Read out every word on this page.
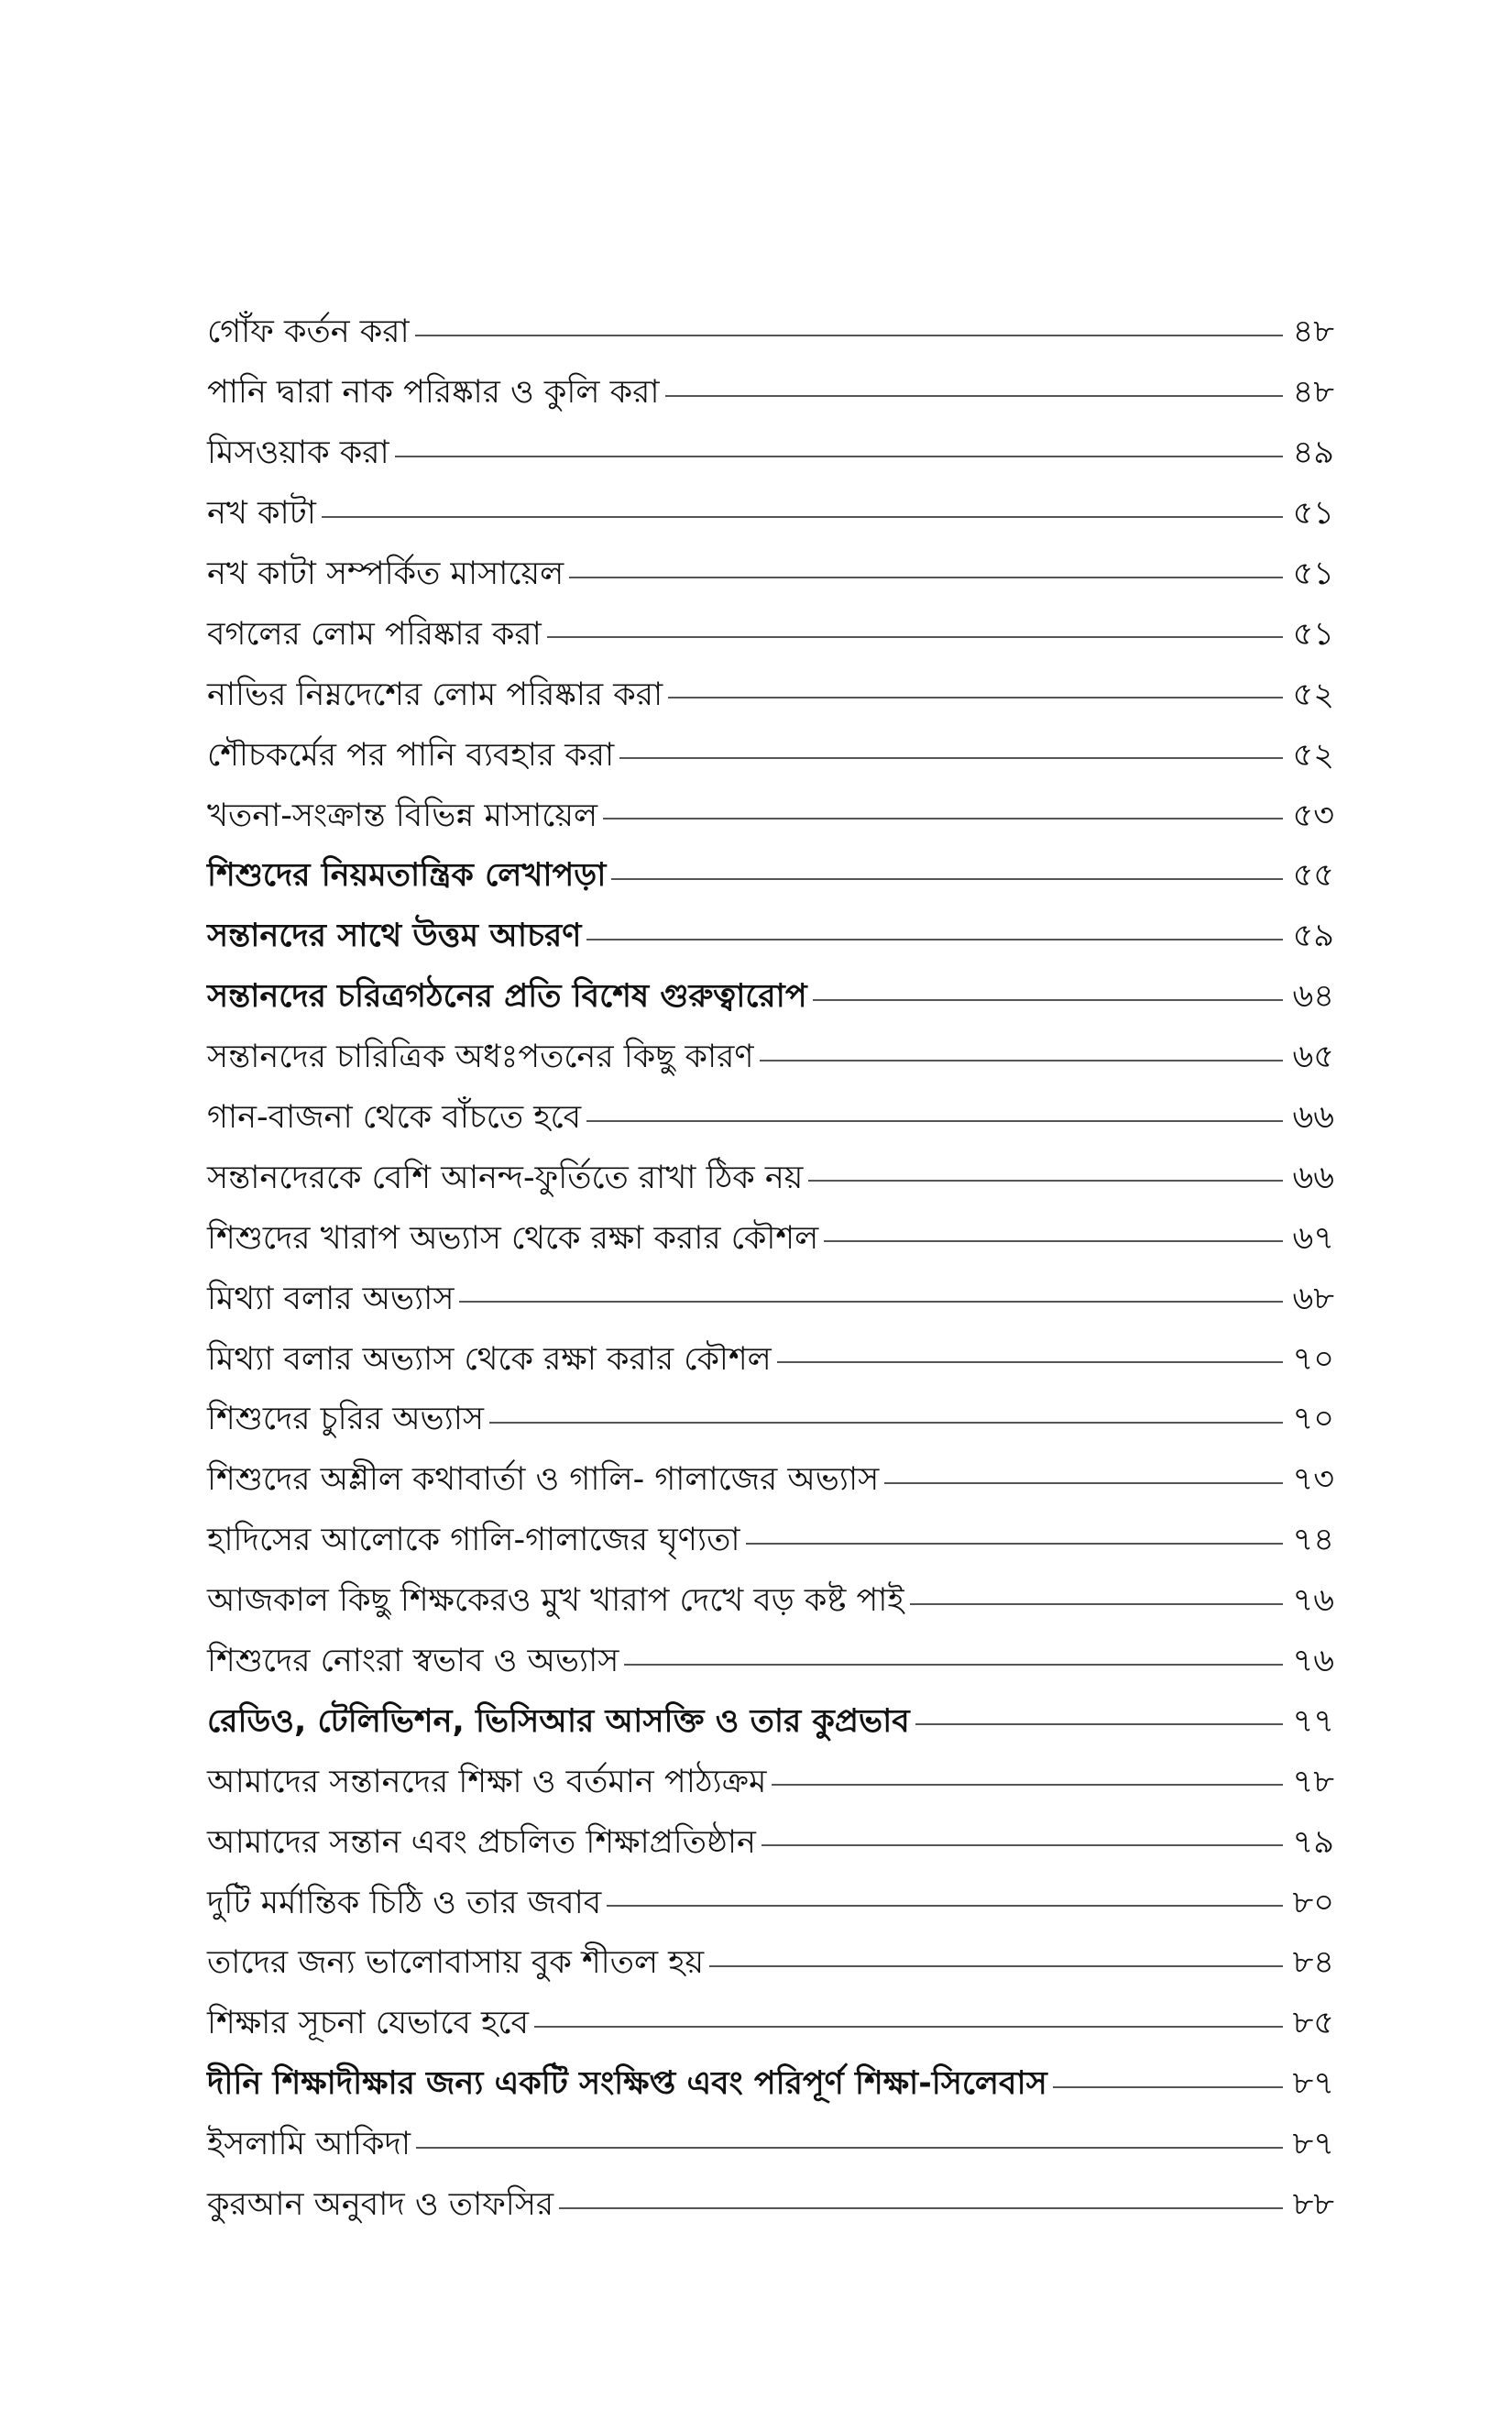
গোঁফ কর্তন করা	৪৮
পানি দ্বারা নাক পরিষ্কার ও কুলি করা	৪৮
মিসওয়াক করা	৪৯
নখ কাটা	৫১
নখ কাটা সম্পর্কিত মাসায়েল	৫১
বগলের লোম পরিষ্কার করা	৫১
নাভির নিম্নদেশের লোম পরিষ্কার করা	৫২
শৌচকর্মের পর পানি ব্যবহার করা	৫২
খতনা-সংক্রান্ত বিভিন্ন মাসায়েল	৫৩
শিশুদের নিয়মতান্ত্রিক লেখাপড়া	৫৫
সন্তানদের সাথে উত্তম আচরণ	৫৯
সন্তানদের চরিত্রগঠনের প্রতি বিশেষ গুরুত্বারোপ	৬৪
সন্তানদের চারিত্রিক অধঃপতনের কিছু কারণ	৬৫
গান-বাজনা থেকে বাঁচতে হবে	৬৬
সন্তানদেরকে বেশি আনন্দ-ফুর্তিতে রাখা ঠিক নয়	৬৬
শিশুদের খারাপ অভ্যাস থেকে রক্ষা করার কৌশল	৬৭
মিথ্যা বলার অভ্যাস	৬৮
মিথ্যা বলার অভ্যাস থেকে রক্ষা করার কৌশল	৭০
শিশুদের চুরির অভ্যাস	৭০
শিশুদের অশ্লীল কথাবার্তা ও গালি- গালাজের অভ্যাস	৭৩
হাদিসের আলোকে গালি-গালাজের ঘৃণ্যতা	৭৪
আজকাল কিছু শিক্ষকেরও মুখ খারাপ দেখে বড় কষ্ট পাই	৭৬
শিশুদের নোংরা স্বভাব ও অভ্যাস	৭৬
রেডিও, টেলিভিশন, ভিসিআর আসক্তি ও তার কুপ্রভাব	৭৭
আমাদের সন্তানদের শিক্ষা ও বর্তমান পাঠ্যক্রম	৭৮
আমাদের সন্তান এবং প্রচলিত শিক্ষাপ্রতিষ্ঠান	৭৯
দুটি মর্মান্তিক চিঠি ও তার জবাব	৮০
তাদের জন্য ভালোবাসায় বুক শীতল হয়	৮৪
শিক্ষার সূচনা যেভাবে হবে	৮৫
দীনি শিক্ষাদীক্ষার জন্য একটি সংক্ষিপ্ত এবং পরিপূর্ণ শিক্ষা-সিলেবাস	৮৭
ইসলামি আকিদা	৮৭
কুরআন অনুবাদ ও তাফসির	৮৮
